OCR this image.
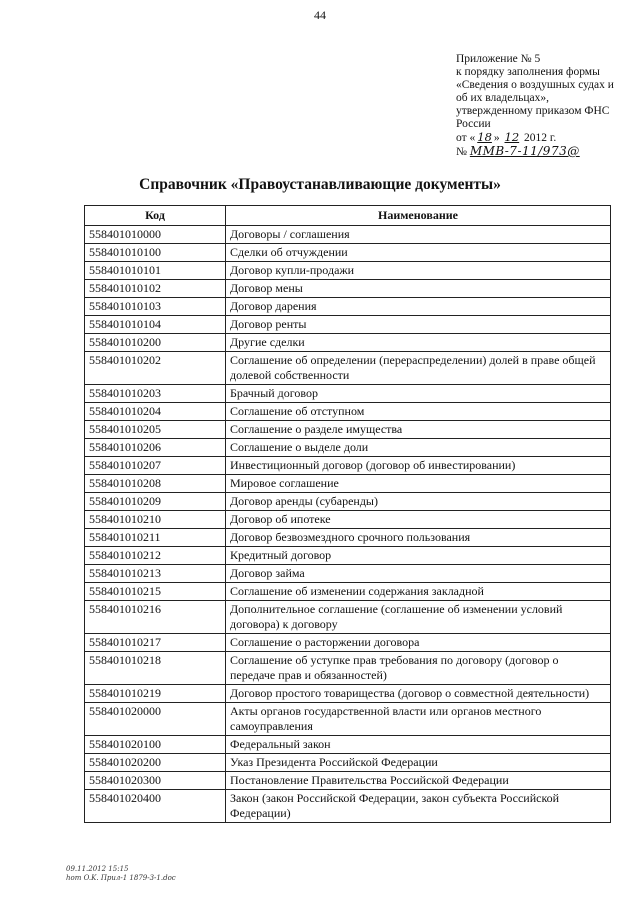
44
Приложение № 5
к порядку заполнения формы
«Сведения о воздушных судах и
об их владельцах»,
утвержденному приказом ФНС
России
от « 18 » 12 2012 г.
№ ММВ-7-11/973@
Справочник «Правоустанавливающие документы»
Код	Наименование
558401010000	Договоры / соглашения
558401010100	Сделки об отчуждении
558401010101	Договор купли-продажи
558401010102	Договор мены
558401010103	Договор дарения
558401010104	Договор ренты
558401010200	Другие сделки
558401010202	Соглашение об определении (перераспределении) долей в праве общей долевой собственности
558401010203	Брачный договор
558401010204	Соглашение об отступном
558401010205	Соглашение о разделе имущества
558401010206	Соглашение о выделе доли
558401010207	Инвестиционный договор (договор об инвестировании)
558401010208	Мировое соглашение
558401010209	Договор аренды (субаренды)
558401010210	Договор об ипотеке
558401010211	Договор безвозмездного срочного пользования
558401010212	Кредитный договор
558401010213	Договор займа
558401010215	Соглашение об изменении содержания закладной
558401010216	Дополнительное соглашение (соглашение об изменении условий договора) к договору
558401010217	Соглашение о расторжении договора
558401010218	Соглашение об уступке прав требования по договору (договор о передаче прав и обязанностей)
558401010219	Договор простого товарищества (договор о совместной деятельности)
558401020000	Акты органов государственной власти или органов местного самоуправления
558401020100	Федеральный закон
558401020200	Указ Президента Российской Федерации
558401020300	Постановление Правительства Российской Федерации
558401020400	Закон (закон Российской Федерации, закон субъекта Российской Федерации)
09.11.2012 15:15
hom O.K. Прил-1 1879-3-1.doc
